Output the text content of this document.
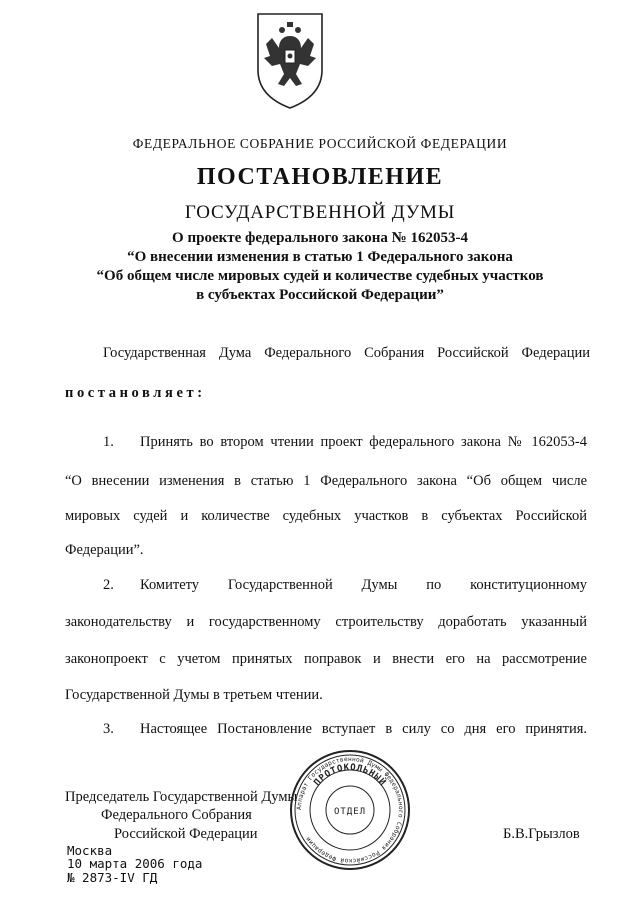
ФЕДЕРАЛЬНОЕ СОБРАНИЕ РОССИЙСКОЙ ФЕДЕРАЦИИ
ПОСТАНОВЛЕНИЕ
ГОСУДАРСТВЕННОЙ ДУМЫ
О проекте федерального закона № 162053-4
“О внесении изменения в статью 1 Федерального закона
“Об общем числе мировых судей и количестве судебных участков
в субъектах Российской Федерации”
Государственная Дума Федерального Собрания Российской Федерации
постановляет:
1. Принять во втором чтении проект федерального закона № 162053-4
“О внесении изменения в статью 1 Федерального закона “Об общем числе
мировых судей и количестве судебных участков в субъектах Российской
Федерации”.
2. Комитету Государственной Думы по конституционному
законодательству и государственному строительству доработать указанный
законопроект с учетом принятых поправок и внести его на рассмотрение
Государственной Думы в третьем чтении.
3. Настоящее Постановление вступает в силу со дня его принятия.
Председатель Государственной Думы
Федерального Собрания
Российской Федерации	Б.В.Грызлов
Аппарат Государственной Думы Федерального Собрания Российской Федерации
ПРОТОКОЛЬНЫЙ
ОТДЕЛ
Москва
10 марта 2006 года
№ 2873-IV ГД
